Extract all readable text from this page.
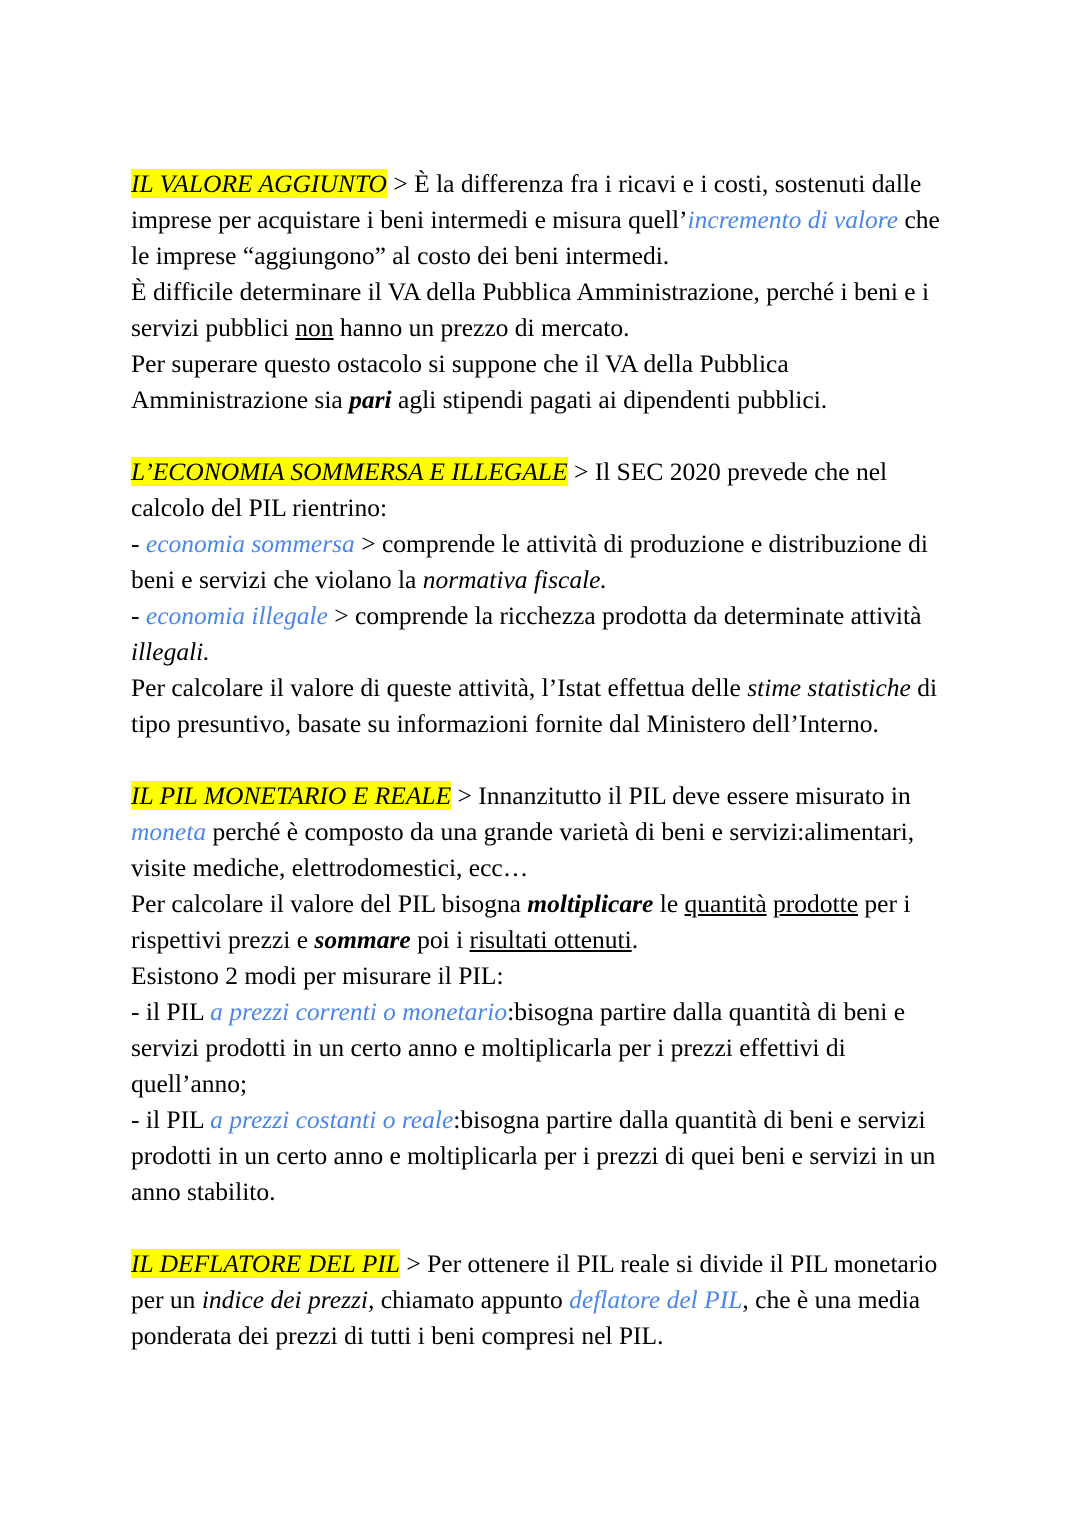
IL VALORE AGGIUNTO > È la differenza fra i ricavi e i costi, sostenuti dalle imprese per acquistare i beni intermedi e misura quell’incremento di valore che le imprese “aggiungono” al costo dei beni intermedi.

È difficile determinare il VA della Pubblica Amministrazione, perché i beni e i servizi pubblici non hanno un prezzo di mercato.

Per superare questo ostacolo si suppone che il VA della Pubblica Amministrazione sia pari agli stipendi pagati ai dipendenti pubblici.

L’ECONOMIA SOMMERSA E ILLEGALE > Il SEC 2020 prevede che nel calcolo del PIL rientrino:

- economia sommersa > comprende le attività di produzione e distribuzione di beni e servizi che violano la normativa fiscale.

- economia illegale > comprende la ricchezza prodotta da determinate attività illegali.

Per calcolare il valore di queste attività, l’Istat effettua delle stime statistiche di tipo presuntivo, basate su informazioni fornite dal Ministero dell’Interno.

IL PIL MONETARIO E REALE > Innanzitutto il PIL deve essere misurato in moneta perché è composto da una grande varietà di beni e servizi:alimentari, visite mediche, elettrodomestici, ecc…

Per calcolare il valore del PIL bisogna moltiplicare le quantità prodotte per i rispettivi prezzi e sommare poi i risultati ottenuti.

Esistono 2 modi per misurare il PIL:

- il PIL a prezzi correnti o monetario:bisogna partire dalla quantità di beni e servizi prodotti in un certo anno e moltiplicarla per i prezzi effettivi di quell’anno;

- il PIL a prezzi costanti o reale:bisogna partire dalla quantità di beni e servizi prodotti in un certo anno e moltiplicarla per i prezzi di quei beni e servizi in un anno stabilito.

IL DEFLATORE DEL PIL > Per ottenere il PIL reale si divide il PIL monetario per un indice dei prezzi, chiamato appunto deflatore del PIL, che è una media ponderata dei prezzi di tutti i beni compresi nel PIL.
